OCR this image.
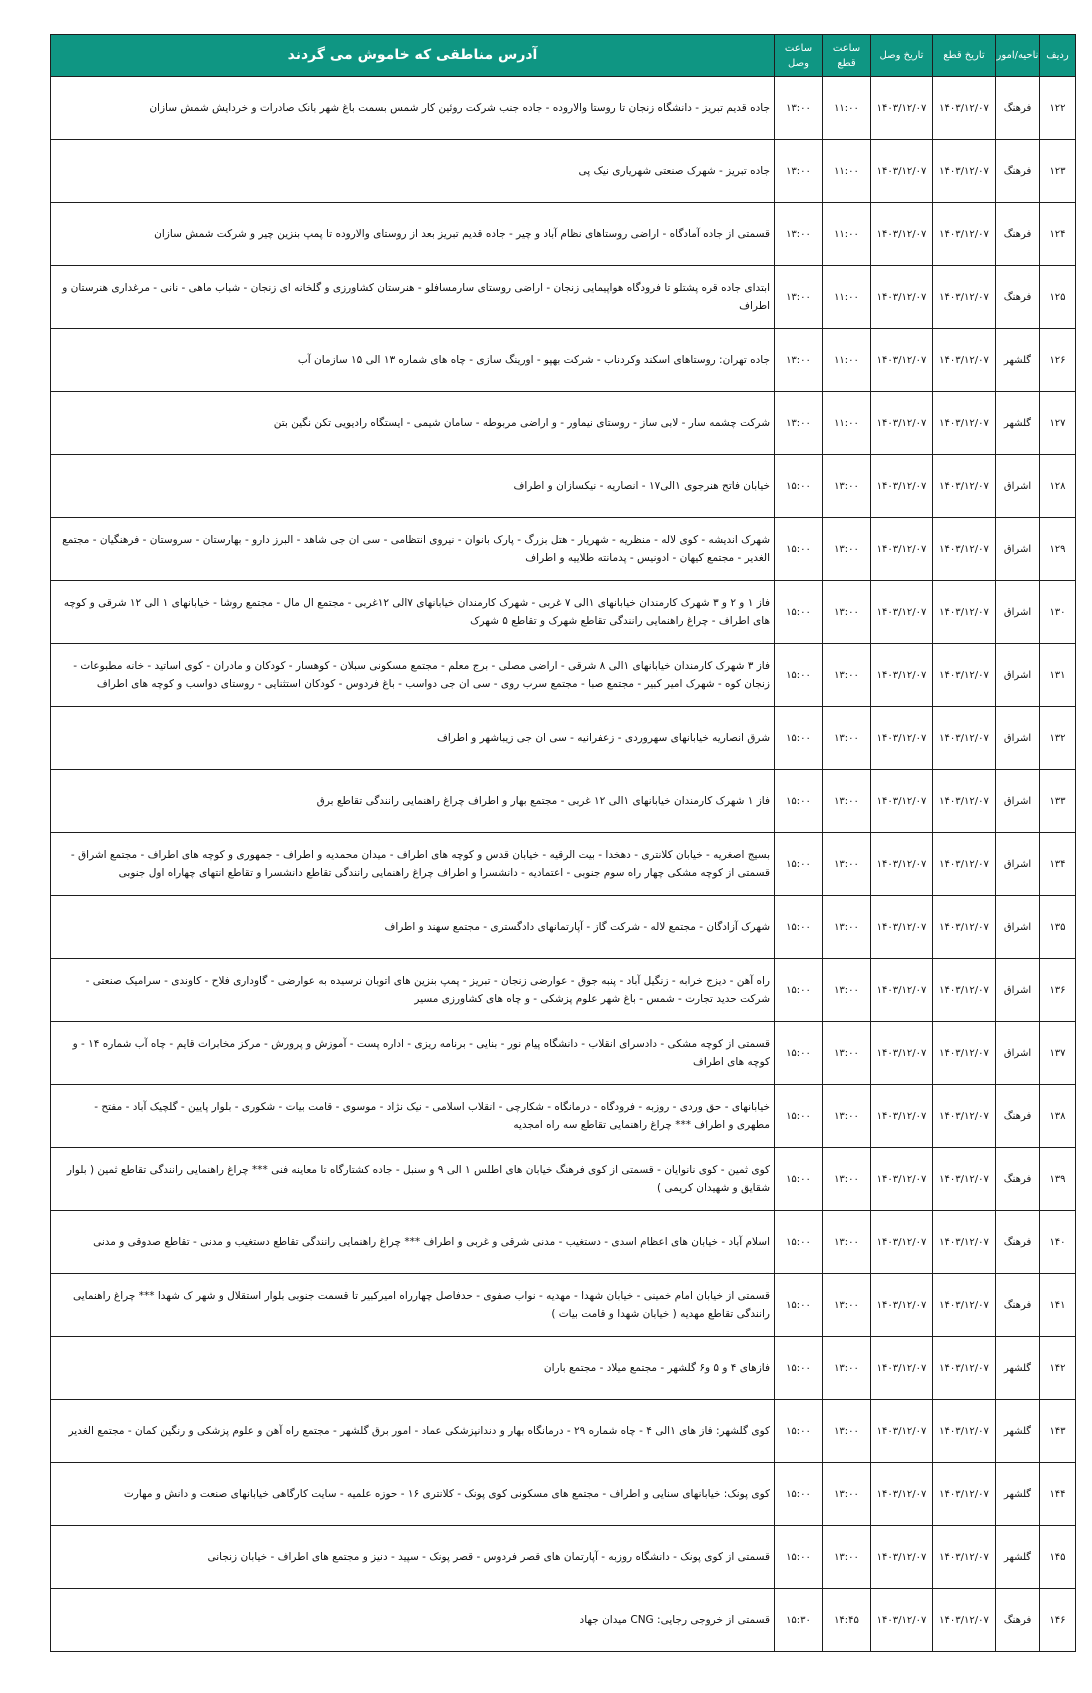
ردیف	ناحیه/امور	تاریخ قطع	تاریخ وصل	ساعت قطع	ساعت وصل	آدرس مناطقی که خاموش می گردند
۱۲۲	فرهنگ	۱۴۰۳/۱۲/۰۷	۱۴۰۳/۱۲/۰۷	۱۱:۰۰	۱۳:۰۰	جاده قدیم تبریز - دانشگاه زنجان تا روستا والاروده - جاده جنب شرکت روئین کار شمس بسمت باغ شهر بانک صادرات و خردایش شمش سازان
۱۲۳	فرهنگ	۱۴۰۳/۱۲/۰۷	۱۴۰۳/۱۲/۰۷	۱۱:۰۰	۱۳:۰۰	جاده تبریز - شهرک صنعتی شهریاری نیک پی
۱۲۴	فرهنگ	۱۴۰۳/۱۲/۰۷	۱۴۰۳/۱۲/۰۷	۱۱:۰۰	۱۳:۰۰	قسمتی از جاده آمادگاه - اراضی روستاهای نظام آباد و چیر - جاده قدیم تبریز بعد از روستای والاروده تا پمپ بنزین چیر و شرکت شمش سازان
۱۲۵	فرهنگ	۱۴۰۳/۱۲/۰۷	۱۴۰۳/۱۲/۰۷	۱۱:۰۰	۱۳:۰۰	ابتدای جاده قره پشتلو تا فرودگاه هواپیمایی زنجان - اراضی روستای سارمسافلو - هنرستان کشاورزی و گلخانه ای زنجان - شباب ماهی - نانی - مرغداری هنرستان و اطراف
۱۲۶	گلشهر	۱۴۰۳/۱۲/۰۷	۱۴۰۳/۱۲/۰۷	۱۱:۰۰	۱۳:۰۰	جاده تهران: روستاهای اسکند وکردناب - شرکت بهپو - اورینگ سازی - چاه های شماره ۱۳ الی ۱۵ سازمان آب
۱۲۷	گلشهر	۱۴۰۳/۱۲/۰۷	۱۴۰۳/۱۲/۰۷	۱۱:۰۰	۱۳:۰۰	شرکت چشمه سار - لابی ساز - روستای نیماور - و اراضی مربوطه - سامان شیمی - ایستگاه رادیویی تکن نگین بتن
۱۲۸	اشراق	۱۴۰۳/۱۲/۰۷	۱۴۰۳/۱۲/۰۷	۱۳:۰۰	۱۵:۰۰	خیابان فاتح هنرجوی ۱الی۱۷ - انصاریه - نیکسازان و اطراف
۱۲۹	اشراق	۱۴۰۳/۱۲/۰۷	۱۴۰۳/۱۲/۰۷	۱۳:۰۰	۱۵:۰۰	شهرک اندیشه - کوی لاله - منظریه - شهریار - هتل بزرگ - پارک بانوان - نیروی انتظامی - سی ان جی شاهد - البرز دارو - بهارستان - سروستان - فرهنگیان - مجتمع الغدیر - مجتمع کیهان - ادونیس - پدمانته طلاییه و اطراف
۱۳۰	اشراق	۱۴۰۳/۱۲/۰۷	۱۴۰۳/۱۲/۰۷	۱۳:۰۰	۱۵:۰۰	فاز ۱ و ۲ و ۳ شهرک کارمندان خیابانهای ۱الی ۷ غربی - شهرک کارمندان خیابانهای ۷الی ۱۲غربی - مجتمع ال مال - مجتمع روشا - خیابانهای ۱ الی ۱۲ شرقی و کوچه های اطراف - چراغ راهنمایی رانندگی تقاطع شهرک و تقاطع ۵ شهرک
۱۳۱	اشراق	۱۴۰۳/۱۲/۰۷	۱۴۰۳/۱۲/۰۷	۱۳:۰۰	۱۵:۰۰	فاز ۳ شهرک کارمندان خیابانهای ۱الی ۸ شرقی - اراضی مصلی - برج معلم - مجتمع مسکونی سبلان - کوهسار - کودکان و مادران - کوی اساتید - خانه مطبوعات - زنجان کوه - شهرک امیر کبیر - مجتمع صبا - مجتمع سرب روی - سی ان جی دواسب - باغ فردوس - کودکان استثنایی - روستای دواسب و کوچه های اطراف
۱۳۲	اشراق	۱۴۰۳/۱۲/۰۷	۱۴۰۳/۱۲/۰۷	۱۳:۰۰	۱۵:۰۰	شرق انصاریه خیابانهای سهروردی - زعفرانیه - سی ان جی زیباشهر و اطراف
۱۳۳	اشراق	۱۴۰۳/۱۲/۰۷	۱۴۰۳/۱۲/۰۷	۱۳:۰۰	۱۵:۰۰	فاز ۱ شهرک کارمندان خیابانهای ۱الی ۱۲ غربی - مجتمع بهار و اطراف چراغ راهنمایی رانندگی تقاطع برق
۱۳۴	اشراق	۱۴۰۳/۱۲/۰۷	۱۴۰۳/۱۲/۰۷	۱۳:۰۰	۱۵:۰۰	بسیج اصغریه - خیابان کلانتری - دهخدا - بیت الرقیه - خیابان قدس و کوچه های اطراف - میدان محمدیه و اطراف - جمهوری و کوچه های اطراف - مجتمع اشراق - قسمتی از کوچه مشکی چهار راه سوم جنوبی - اعتمادیه - دانشسرا و اطراف چراغ راهنمایی رانندگی تقاطع دانشسرا و تقاطع انتهای چهاراه اول جنوبی
۱۳۵	اشراق	۱۴۰۳/۱۲/۰۷	۱۴۰۳/۱۲/۰۷	۱۳:۰۰	۱۵:۰۰	شهرک آزادگان - مجتمع لاله - شرکت گاز - آپارتمانهای دادگستری - مجتمع سهند و اطراف
۱۳۶	اشراق	۱۴۰۳/۱۲/۰۷	۱۴۰۳/۱۲/۰۷	۱۳:۰۰	۱۵:۰۰	راه آهن - دیزج خرابه - زنگیل آباد - پنبه جوق - عوارضی زنجان - تبریز - پمپ بنزین های اتوبان نرسیده به عوارضی - گاوداری فلاح - کاوندی - سرامیک صنعتی - شرکت حدید تجارت - شمس - باغ شهر علوم پزشکی - و چاه های کشاورزی مسیر
۱۳۷	اشراق	۱۴۰۳/۱۲/۰۷	۱۴۰۳/۱۲/۰۷	۱۳:۰۰	۱۵:۰۰	قسمتی از کوچه مشکی - دادسرای انقلاب - دانشگاه پیام نور - بنایی - برنامه ریزی - اداره پست - آموزش و پرورش - مرکز مخابرات قایم - چاه آب شماره ۱۴ - و کوچه های اطراف
۱۳۸	فرهنگ	۱۴۰۳/۱۲/۰۷	۱۴۰۳/۱۲/۰۷	۱۳:۰۰	۱۵:۰۰	خیابانهای - حق وردی - روزبه - فرودگاه - درمانگاه - شکارچی - انقلاب اسلامی - نیک نژاد - موسوی - قامت بیات - شکوری - بلوار پایین - گلچیک آباد - مفتح - مطهری و اطراف *** چراغ راهنمایی تقاطع سه راه امجدیه
۱۳۹	فرهنگ	۱۴۰۳/۱۲/۰۷	۱۴۰۳/۱۲/۰۷	۱۳:۰۰	۱۵:۰۰	کوی ثمین - کوی نانوایان - قسمتی از کوی فرهنگ خیابان های اطلس ۱ الی ۹ و سنبل - جاده کشتارگاه تا معاینه فنی *** چراغ راهنمایی رانندگی تقاطع ثمین ( بلوار شقایق و شهیدان کریمی )
۱۴۰	فرهنگ	۱۴۰۳/۱۲/۰۷	۱۴۰۳/۱۲/۰۷	۱۳:۰۰	۱۵:۰۰	اسلام آباد - خیابان های اعظام اسدی - دستغیب - مدنی شرقی و غربی و اطراف *** چراغ راهنمایی رانندگی تقاطع دستغیب و مدنی - تقاطع صدوقی و مدنی
۱۴۱	فرهنگ	۱۴۰۳/۱۲/۰۷	۱۴۰۳/۱۲/۰۷	۱۳:۰۰	۱۵:۰۰	قسمتی از خیابان امام خمینی - خیابان شهدا - مهدیه - نواب صفوی - حدفاصل چهارراه امیرکبیر تا قسمت جنوبی بلوار استقلال و شهر ک شهدا *** چراغ راهنمایی رانندگی تقاطع مهدیه ( خیابان شهدا و قامت بیات )
۱۴۲	گلشهر	۱۴۰۳/۱۲/۰۷	۱۴۰۳/۱۲/۰۷	۱۳:۰۰	۱۵:۰۰	فازهای ۴ و ۵ و۶ گلشهر - مجتمع میلاد - مجتمع باران
۱۴۳	گلشهر	۱۴۰۳/۱۲/۰۷	۱۴۰۳/۱۲/۰۷	۱۳:۰۰	۱۵:۰۰	کوی گلشهر: فاز های ۱الی ۴ - چاه شماره ۲۹ - درمانگاه بهار و دندانپزشکی عماد - امور برق گلشهر - مجتمع راه آهن و علوم پزشکی و رنگین کمان - مجتمع الغدیر
۱۴۴	گلشهر	۱۴۰۳/۱۲/۰۷	۱۴۰۳/۱۲/۰۷	۱۳:۰۰	۱۵:۰۰	کوی پونک: خیابانهای سنایی و اطراف - مجتمع های مسکونی کوی پونک - کلانتری ۱۶ - حوزه علمیه - سایت کارگاهی خیابانهای صنعت و دانش و مهارت
۱۴۵	گلشهر	۱۴۰۳/۱۲/۰۷	۱۴۰۳/۱۲/۰۷	۱۳:۰۰	۱۵:۰۰	قسمتی از کوی پونک - دانشگاه روزبه - آپارتمان های قصر فردوس - قصر پونک - سپید - دنیز و مجتمع های اطراف - خیابان زنجانی
۱۴۶	فرهنگ	۱۴۰۳/۱۲/۰۷	۱۴۰۳/۱۲/۰۷	۱۴:۴۵	۱۵:۳۰	قسمتی از خروجی رجایی: CNG میدان جهاد
